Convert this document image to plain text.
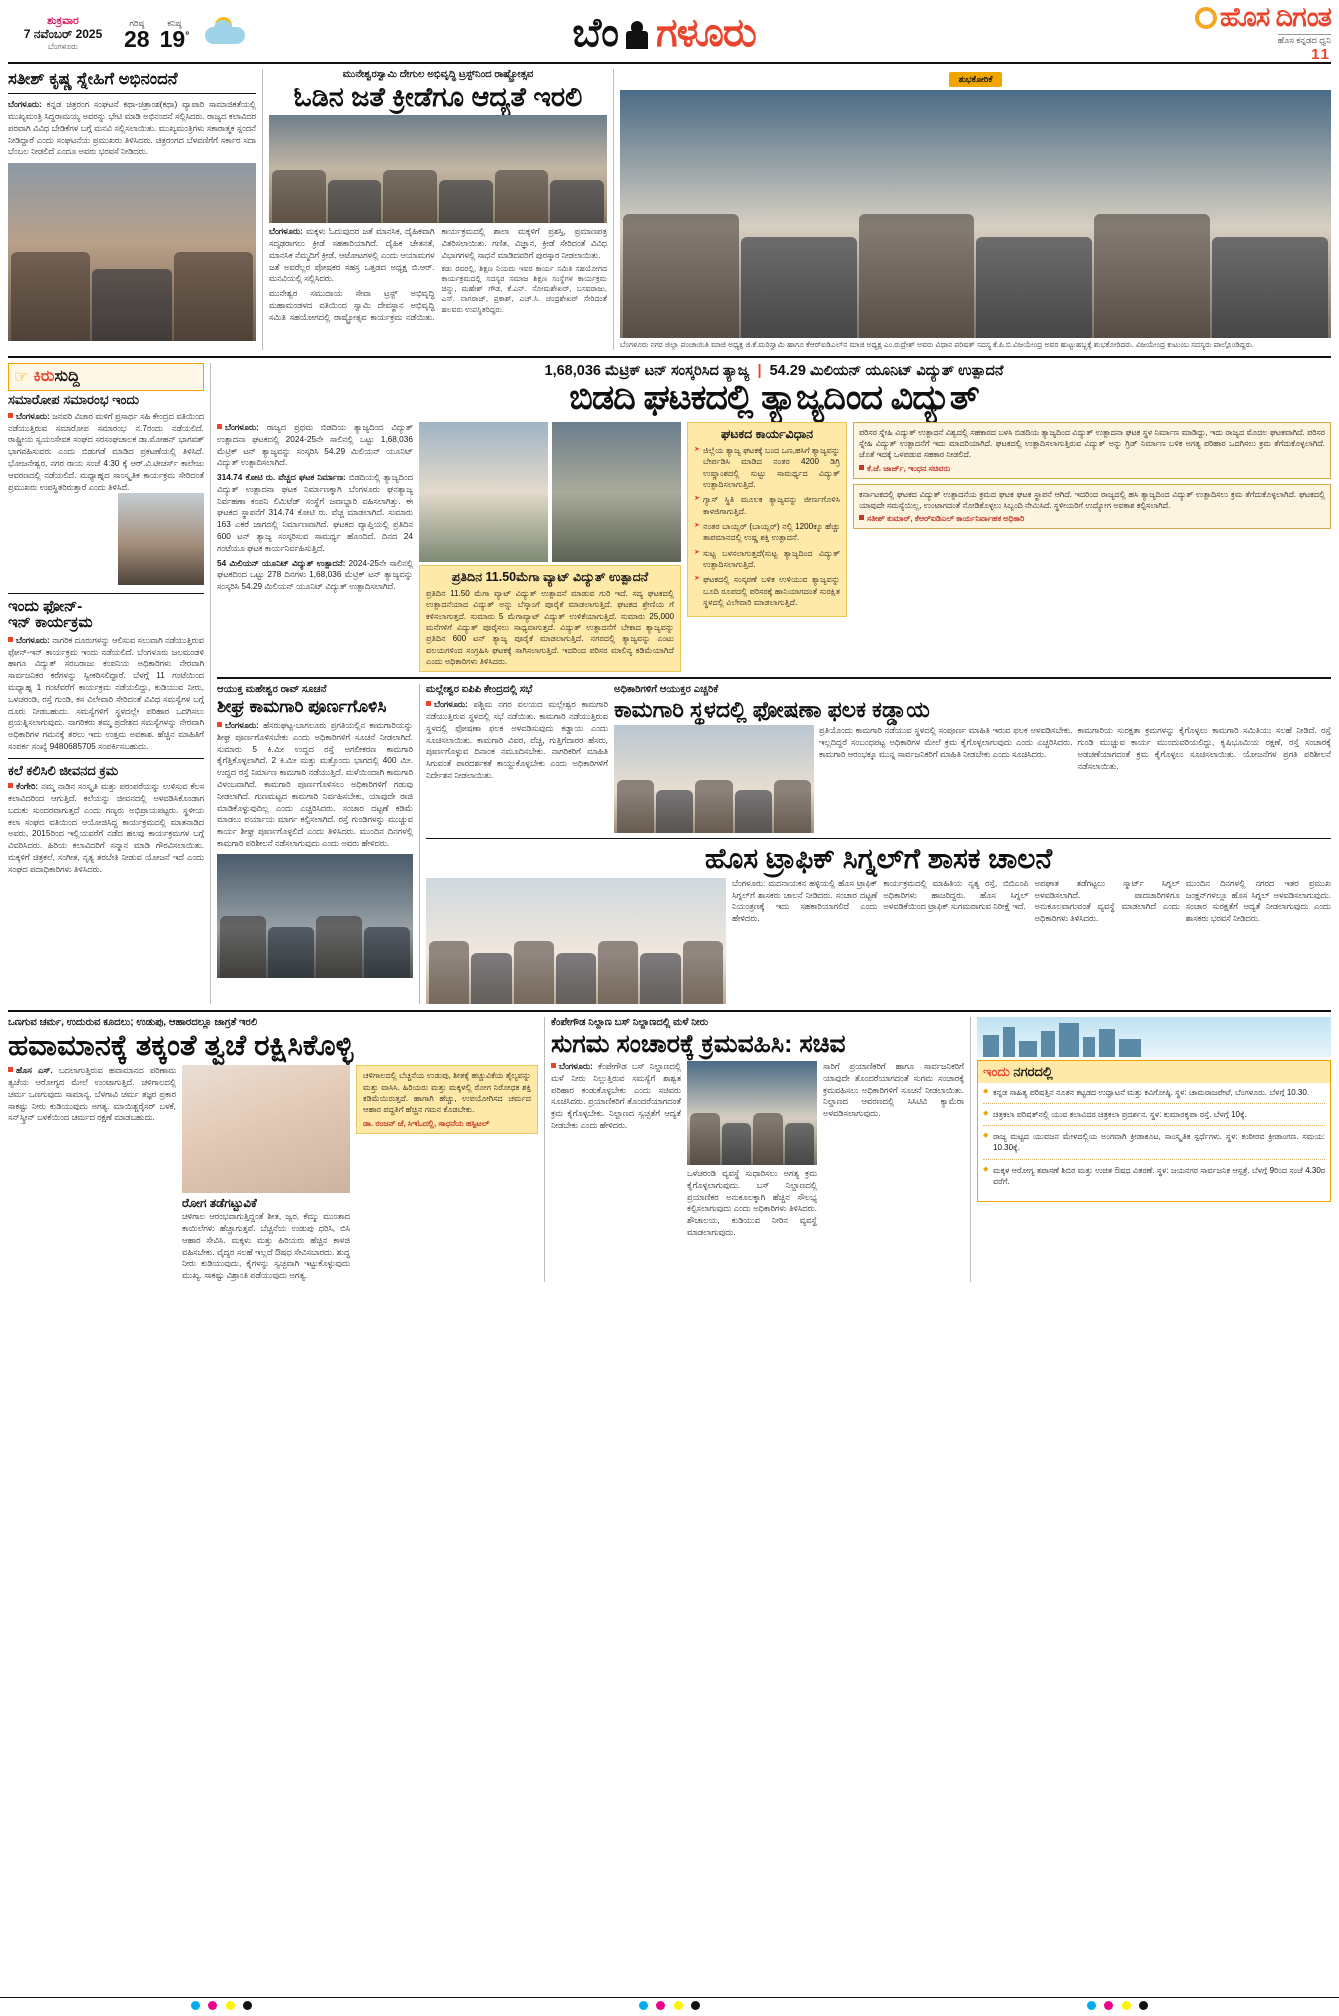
ಶುಕ್ರವಾರ
7 ನವೆಂಬರ್ 2025
ಬೆಂಗಳೂರು
ಗರಿಷ್ಠ
28
ಕನಿಷ್ಠ
19°	ಬೆಂ ಗಳೂರು	ಹೊಸ ದಿಗಂತ
ಹೊಸ ಕನ್ನಡದ ಧ್ವನಿ
11
ಸತೀಶ್ ಕೃಷ್ಣ ಸ್ನೇಹಿಗೆ ಅಭಿನಂದನೆ
ಬೆಂಗಳೂರು: ಕನ್ನಡ ಚಿತ್ರರಂಗ ಸಂಘಟನೆ ಕಥಾ-ಚಿತ್ರಾಂಶ(ಕಥಾ) ವ್ಯಾಪಾರಿ ಸಾಮಾಜಿಕತೆಯಲ್ಲಿ ಮುಖ್ಯಮಂತ್ರಿ ಸಿದ್ದರಾಮಯ್ಯ ಅವರನ್ನು ಭೇಟಿ ಮಾಡಿ ಅಭಿನಂದನೆ ಸಲ್ಲಿಸಿದರು. ರಾಜ್ಯದ ಕಲಾವಿದರ ಪರವಾಗಿ ವಿವಿಧ ಬೇಡಿಕೆಗಳ ಬಗ್ಗೆ ಮನವಿ ಸಲ್ಲಿಸಲಾಯಿತು. ಮುಖ್ಯಮಂತ್ರಿಗಳು ಸಕಾರಾತ್ಮಕ ಸ್ಪಂದನೆ ನೀಡಿದ್ದಾರೆ ಎಂದು ಸಂಘಟನೆಯ ಪ್ರಮುಖರು ತಿಳಿಸಿದರು. ಚಿತ್ರರಂಗದ ಬೆಳವಣಿಗೆಗೆ ಸರ್ಕಾರ ಸದಾ ಬೆಂಬಲ ನೀಡಲಿದೆ ಎಂದೂ ಅವರು ಭರವಸೆ ನೀಡಿದರು.
ಮುನೇಶ್ವರಸ್ವಾಮಿ ದೇಗುಲ ಅಭಿವೃದ್ಧಿ ಟ್ರಸ್ಟ್‌ನಿಂದ ರಾಷ್ಟ್ರೋತ್ಸವ
ಓಡಿನ ಜತೆ ಕ್ರೀಡೆಗೂ ಆದ್ಯತೆ ಇರಲಿ
ಬೆಂಗಳೂರು: ಮಕ್ಕಳು ಓದುವುದರ ಜತೆ ಮಾನಸಿಕ, ದೈಹಿಕವಾಗಿ ಸದೃಢರಾಗಲು ಕ್ರೀಡೆ ಸಹಕಾರಿಯಾಗಿದೆ. ದೈಹಿಕ ಚೇತನತೆ, ಮಾನಸಿಕ ನೆಮ್ಮದಿಗೆ ಕ್ರೀಡೆ, ಆಟೋಟಗಳಲ್ಲಿ ಎಂದು ಆಯಾಮಗಳ ಜತೆ ಅವರೆಲ್ಲರ ಪೋಷಕರ ಸಹಸ್ರ ಒತ್ತಡದ ಅಧ್ಯಕ್ಷ ಬಿ.ಆರ್. ಮನವಿಯಲ್ಲಿ ಸಲ್ಲಿಸಿದರು.
ಮುನೇಶ್ವರ ಸಮುದಾಯ ಸೇವಾ ಟ್ರಸ್ಟ್ ಅಭಿವೃದ್ಧಿ ಮಹಾಮಂಡಳದ ವತಿಯಿಂದ ಸ್ವಾಮಿ ದೇವಸ್ಥಾನ ಅಭಿವೃದ್ಧಿ ಸಮಿತಿ ಸಹಯೋಗದಲ್ಲಿ ರಾಷ್ಟ್ರೋತ್ಸವ ಕಾರ್ಯಕ್ರಮ ನಡೆಯಿತು. ಕಾರ್ಯಕ್ರಮದಲ್ಲಿ ಶಾಲಾ ಮಕ್ಕಳಿಗೆ ಪ್ರಶಸ್ತಿ, ಪ್ರಮಾಣಪತ್ರ ವಿತರಿಸಲಾಯಿತು. ಗಣಿತ, ವಿಜ್ಞಾನ, ಕ್ರೀಡೆ ಸೇರಿದಂತೆ ವಿವಿಧ ವಿಭಾಗಗಳಲ್ಲಿ ಸಾಧನೆ ಮಾಡಿದವರಿಗೆ ಪುರಸ್ಕಾರ ನೀಡಲಾಯಿತು.
ಕಡು ರವರಲ್ಲಿ, ಶಿಕ್ಷಣ ನಿಯಮ ಇವರ ಕಾರ್ಯ ಸಮಿತಿ ಸಹಯೋಗದ ಕಾರ್ಯಕ್ರಮದಲ್ಲಿ ಸದಸ್ಯರ ಸಮಾಜ ಶಿಕ್ಷಣ ಸಂಸ್ಥೆಗಳ ಕಾರ್ಯಕ್ರಮ ಚಿನ್ನು, ಮಹೇಶ್ ಗೌಡ, ಕೆ.ಎನ್. ಸೋಮಶೇಖರ್, ಬಸವರಾಜು, ಎಸ್. ನಾಗರಾಜ್, ಪ್ರಕಾಶ್, ಎಚ್.ಸಿ. ಚಂದ್ರಶೇಖರ್ ಸೇರಿದಂತೆ ಹಲವರು ಉಪಸ್ಥಿತರಿದ್ದರು.
ಶುಭಕೋರಿಕೆ
ಬೆಂಗಳೂರು ನಗರ ಜಿಲ್ಲಾ ಪಂಚಾಯಿತಿ ಮಾಜಿ ಅಧ್ಯಕ್ಷ ಜಿ.ಕೆ.ಮರಿಸ್ವಾಮಿ ಹಾಗೂ ಕೆಆರ್‌ಐಡಿಎಲ್‌ನ ಮಾಜಿ ಅಧ್ಯಕ್ಷ ಎಂ.ರುದ್ರೇಶ್ ಅವರು ವಿಧಾನ ಪರಿಷತ್ ಸದಸ್ಯ ಕೆ.ಪಿ.ಬಿ.ವಿಜಯೇಂದ್ರ ಅವರ ಹುಟ್ಟುಹಬ್ಬಕ್ಕೆ ಶುಭಕೋರಿದರು. ವಿಜಯೇಂದ್ರ ಕುಟುಂಬ ಸದಸ್ಯರು ಪಾಲ್ಗೊಂಡಿದ್ದರು.
☞ ಕಿರುಸುದ್ದಿ
ಸಮಾರೋಪ ಸಮಾರಂಭ ಇಂದು
ಬೆಂಗಳೂರು: ಜನವರಿ ವಿಚಾರ ಮಳಿಗೆ ಪ್ರಸಾರ್ಥ ಸಹಿ ಕೇಂದ್ರದ ವತಿಯಿಂದ ನಡೆಯುತ್ತಿರುವ ಸಮಾರೋಪ ಸಮಾರಂಭ ನ.7ರಂದು ನಡೆಯಲಿದೆ. ರಾಷ್ಟ್ರೀಯ ಸ್ವಯಂಸೇವಕ ಸಂಘದ ಸರಸಂಘಚಾಲಕ ಡಾ.ಮೋಹನ್ ಭಾಗವತ್ ಭಾಗವಹಿಸುವರು ಎಂದು ಬಿಡುಗಡೆ ಮಾಡಿದ ಪ್ರಕಟಣೆಯಲ್ಲಿ ತಿಳಿಸಿದೆ. ಭೋಜನೇಶ್ವರ, ನಗರ ರಾಯ ಸಂಜೆ 4:30 ಕ್ಕೆ ಆರ್.ವಿ.ಟೀಚರ್ಸ್ ಕಾಲೇಜು ಆವರಣದಲ್ಲಿ ನಡೆಯಲಿದೆ. ಮಧ್ಯಾಹ್ನದ ಸಾಂಸ್ಕೃತಿಕ ಕಾರ್ಯಕ್ರಮ ಸೇರಿದಂತೆ ಪ್ರಮುಖರು ಉಪಸ್ಥಿತರಿರುತ್ತಾರೆ ಎಂದು ತಿಳಿಸಿದೆ.
ಇಂದು ಫೋನ್-
ಇನ್ ಕಾರ್ಯಕ್ರಮ
ಬೆಂಗಳೂರು: ನಾಗರಿಕ ದೂರುಗಳನ್ನು ಆಲಿಸುವ ಸಲುವಾಗಿ ನಡೆಯುತ್ತಿರುವ ಫೋನ್-ಇನ್ ಕಾರ್ಯಕ್ರಮ ಇಂದು ನಡೆಯಲಿದೆ. ಬೆಂಗಳೂರು ಜಲಮಂಡಳಿ ಹಾಗೂ ವಿದ್ಯುತ್ ಸರಬರಾಜು ಕಂಪನಿಯ ಅಧಿಕಾರಿಗಳು ನೇರವಾಗಿ ಸಾರ್ವಜನಿಕರ ಕರೆಗಳನ್ನು ಸ್ವೀಕರಿಸಲಿದ್ದಾರೆ. ಬೆಳಗ್ಗೆ 11 ಗಂಟೆಯಿಂದ ಮಧ್ಯಾಹ್ನ 1 ಗಂಟೆವರೆಗೆ ಕಾರ್ಯಕ್ರಮ ನಡೆಯಲಿದ್ದು, ಕುಡಿಯುವ ನೀರು, ಒಳಚರಂಡಿ, ರಸ್ತೆ ಗುಂಡಿ, ಕಸ ವಿಲೇವಾರಿ ಸೇರಿದಂತೆ ವಿವಿಧ ಸಮಸ್ಯೆಗಳ ಬಗ್ಗೆ ದೂರು ನೀಡಬಹುದು. ಸಮಸ್ಯೆಗಳಿಗೆ ಸ್ಥಳದಲ್ಲೇ ಪರಿಹಾರ ಒದಗಿಸಲು ಪ್ರಯತ್ನಿಸಲಾಗುವುದು. ನಾಗರಿಕರು ತಮ್ಮ ಪ್ರದೇಶದ ಸಮಸ್ಯೆಗಳನ್ನು ನೇರವಾಗಿ ಅಧಿಕಾರಿಗಳ ಗಮನಕ್ಕೆ ತರಲು ಇದು ಉತ್ತಮ ಅವಕಾಶ. ಹೆಚ್ಚಿನ ಮಾಹಿತಿಗೆ ಸಂಪರ್ಕ ಸಂಖ್ಯೆ 9480685705 ಸಂಪರ್ಕಿಸಬಹುದು.
ಕಲೆ ಕಲಿಸಿಲಿ ಜೀವನದ ಕ್ರಮ
ಕೆಂಗೇರಿ: ನಮ್ಮ ನಾಡಿನ ಸಂಸ್ಕೃತಿ ಮತ್ತು ಪರಂಪರೆಯನ್ನು ಉಳಿಸುವ ಕೆಲಸ ಕಲಾವಿದರಿಂದ ಆಗುತ್ತಿದೆ. ಕಲೆಯನ್ನು ಜೀವನದಲ್ಲಿ ಅಳವಡಿಸಿಕೊಂಡಾಗ ಬದುಕು ಸುಂದರವಾಗುತ್ತದೆ ಎಂದು ಗಣ್ಯರು ಅಭಿಪ್ರಾಯಪಟ್ಟರು. ಸ್ಥಳೀಯ ಕಲಾ ಸಂಘದ ವತಿಯಿಂದ ಆಯೋಜಿಸಿದ್ದ ಕಾರ್ಯಕ್ರಮದಲ್ಲಿ ಮಾತನಾಡಿದ ಅವರು, 2015ರಿಂದ ಇಲ್ಲಿಯವರೆಗೆ ನಡೆದ ಹಲವು ಕಾರ್ಯಕ್ರಮಗಳ ಬಗ್ಗೆ ವಿವರಿಸಿದರು. ಹಿರಿಯ ಕಲಾವಿದರಿಗೆ ಸನ್ಮಾನ ಮಾಡಿ ಗೌರವಿಸಲಾಯಿತು. ಮಕ್ಕಳಿಗೆ ಚಿತ್ರಕಲೆ, ಸಂಗೀತ, ನೃತ್ಯ ತರಬೇತಿ ನೀಡುವ ಯೋಜನೆ ಇದೆ ಎಂದು ಸಂಘದ ಪದಾಧಿಕಾರಿಗಳು ತಿಳಿಸಿದರು.
1,68,036 ಮೆಟ್ರಿಕ್ ಟನ್ ಸಂಸ್ಕರಿಸಿದ ತ್ಯಾಜ್ಯ | 54.29 ಮಿಲಿಯನ್ ಯೂನಿಟ್ ವಿದ್ಯುತ್ ಉತ್ಪಾದನೆ
ಬಿಡದಿ ಘಟಕದಲ್ಲಿ ತ್ಯಾಜ್ಯದಿಂದ ವಿದ್ಯುತ್
ಬೆಂಗಳೂರು: ರಾಜ್ಯದ ಪ್ರಥಮ ಬಿಡದಿಯ ತ್ಯಾಜ್ಯದಿಂದ ವಿದ್ಯುತ್ ಉತ್ಪಾದನಾ ಘಟಕದಲ್ಲಿ 2024-25ನೇ ಸಾಲಿನಲ್ಲಿ ಒಟ್ಟು 1,68,036 ಮೆಟ್ರಿಕ್ ಟನ್ ತ್ಯಾಜ್ಯವನ್ನು ಸಂಸ್ಕರಿಸಿ 54.29 ಮಿಲಿಯನ್ ಯೂನಿಟ್ ವಿದ್ಯುತ್ ಉತ್ಪಾದಿಸಲಾಗಿದೆ.
314.74 ಕೋಟಿ ರು. ವೆಚ್ಚದ ಘಟಕ ನಿರ್ಮಾಣ: ಬಿಡದಿಯಲ್ಲಿ ತ್ಯಾಜ್ಯದಿಂದ ವಿದ್ಯುತ್ ಉತ್ಪಾದನಾ ಘಟಕ ನಿರ್ಮಾಣಕ್ಕಾಗಿ ಬೆಂಗಳೂರು ಘನತ್ಯಾಜ್ಯ ನಿರ್ವಹಣಾ ಕಂಪನಿ ಲಿಮಿಟೆಡ್ ಸಂಸ್ಥೆಗೆ ಜವಾಬ್ದಾರಿ ವಹಿಸಲಾಗಿತ್ತು. ಈ ಘಟಕದ ಸ್ಥಾಪನೆಗೆ 314.74 ಕೋಟಿ ರು. ವೆಚ್ಚ ಮಾಡಲಾಗಿದೆ. ಸುಮಾರು 163 ಎಕರೆ ಜಾಗದಲ್ಲಿ ನಿರ್ಮಾಣವಾಗಿದೆ. ಘಟಕದ ವ್ಯಾಪ್ತಿಯಲ್ಲಿ ಪ್ರತಿದಿನ 600 ಟನ್ ತ್ಯಾಜ್ಯ ಸಂಸ್ಕರಿಸುವ ಸಾಮರ್ಥ್ಯ ಹೊಂದಿದೆ. ದಿನದ 24 ಗಂಟೆಯೂ ಘಟಕ ಕಾರ್ಯನಿರ್ವಹಿಸುತ್ತಿದೆ.
54 ಮಿಲಿಯನ್ ಯೂನಿಟ್ ವಿದ್ಯುತ್ ಉತ್ಪಾದನೆ: 2024-25ನೇ ಸಾಲಿನಲ್ಲಿ ಘಟಕದಿಂದ ಒಟ್ಟು 278 ದಿನಗಳು 1,68,036 ಮೆಟ್ರಿಕ್ ಟನ್ ತ್ಯಾಜ್ಯವನ್ನು ಸಂಸ್ಕರಿಸಿ 54.29 ಮಿಲಿಯನ್ ಯೂನಿಟ್ ವಿದ್ಯುತ್ ಉತ್ಪಾದಿಸಲಾಗಿದೆ.
ಪ್ರತಿದಿನ 11.50ಮೆಗಾ ವ್ಯಾಟ್ ವಿದ್ಯುತ್ ಉತ್ಪಾದನೆ
ಪ್ರತಿದಿನ 11.50 ಮೆಗಾ ವ್ಯಾಟ್ ವಿದ್ಯುತ್ ಉತ್ಪಾದನೆ ಮಾಡುವ ಗುರಿ ಇದೆ. ಸದ್ಯ ಘಟಕದಲ್ಲಿ ಉತ್ಪಾದನೆಯಾದ ವಿದ್ಯುತ್ ಅನ್ನು ಬೆಸ್ಕಾಂಗೆ ಪೂರೈಕೆ ಮಾಡಲಾಗುತ್ತಿದೆ. ಘಟಕದ ಶ್ರೇಣಿಯ ಗೆ ಕಳಿಸಲಾಗುತ್ತದೆ. ಸುಮಾರು 5 ಮೆಗಾವ್ಯಾಟ್ ವಿದ್ಯುತ್ ಉಳಿಕೆಯಾಗುತ್ತಿದೆ. ಸುಮಾರು 25,000 ಮನೆಗಳಿಗೆ ವಿದ್ಯುತ್ ಪೂರೈಸಲು ಸಾಧ್ಯವಾಗುತ್ತದೆ. ವಿದ್ಯುತ್ ಉತ್ಪಾದನೆಗೆ ಬೇಕಾದ ತ್ಯಾಜ್ಯವನ್ನು ಪ್ರತಿದಿನ 600 ಟನ್ ತ್ಯಾಜ್ಯ ಪೂರೈಕೆ ಮಾಡಲಾಗುತ್ತಿದೆ. ನಗರದಲ್ಲಿ ತ್ಯಾಜ್ಯವನ್ನು ಎಂಟು ವಲಯಗಳಿಂದ ಸಂಗ್ರಹಿಸಿ ಘಟಕಕ್ಕೆ ಸಾಗಿಸಲಾಗುತ್ತಿದೆ. ಇದರಿಂದ ಪರಿಸರ ಮಾಲಿನ್ಯ ಕಡಿಮೆಯಾಗಿದೆ ಎಂದು ಅಧಿಕಾರಿಗಳು ತಿಳಿಸಿದರು.
ಘಟಕದ ಕಾರ್ಯವಿಧಾನ
➤ ಜಿಲ್ಲೆಯ ತ್ಯಾಜ್ಯ ಘಟಕಕ್ಕೆ ಬಂದ ಒಣ,ಹಸಿಗೆ ತ್ಯಾಜ್ಯವನ್ನು ಬೇರ್ಪಡಿಸಿ ಮಾಡಿದ ನಂತರ 4200 ಡಿಗ್ರಿ ಉಷ್ಣಾಂಶದಲ್ಲಿ ಸುಟ್ಟು ಸಾಮರ್ಥ್ಯದ ವಿದ್ಯುತ್ ಉತ್ಪಾದಿಸಲಾಗುತ್ತಿದೆ.
➤ ಗ್ಯಾಸ್ ಸ್ಥಿತಿ ಮೂಲಕ ತ್ಯಾಜ್ಯವನ್ನು ಜೀರ್ಣಗೊಳಿಸಿ ಕಾಳಜಿಗಾಗುತ್ತಿದೆ.
➤ ನಂತರ ಬಾಯ್ಲರ್ (ಬಾಯ್ಲರ್) ನಲ್ಲಿ 1200ಕ್ಕೂ ಹೆಚ್ಚು ತಾಪಮಾನದಲ್ಲಿ ಉಷ್ಣ ಶಕ್ತಿ ಉತ್ಪಾದನೆ.
➤ ಸುಟ್ಟ ಬಳಸಲಾಗುತ್ತದೆ(ಸುಟ್ಟ ತ್ಯಾಜ್ಯದಿಂದ ವಿದ್ಯುತ್ ಉತ್ಪಾದಿಸಲಾಗುತ್ತಿದೆ.
➤ ಘಟಕದಲ್ಲಿ ಸಂಸ್ಕರಣೆ ಬಳಿಕ ಉಳಿಯುವ ತ್ಯಾಜ್ಯವನ್ನು ಬೂದಿ ರೂಪದಲ್ಲಿ ಪರಿಸರಕ್ಕೆ ಹಾನಿಯಾಗದಂತೆ ಸುರಕ್ಷಿತ ಸ್ಥಳದಲ್ಲಿ ವಿಲೇವಾರಿ ಮಾಡಲಾಗುತ್ತಿದೆ.
ಪರಿಸರ ಸ್ನೇಹಿ ವಿದ್ಯುತ್ ಉತ್ಪಾದನೆ ವಿಶ್ವದಲ್ಲಿ ಸಹಕಾರದ ಬಳಸಿ ಬಿಡದಿಯ ತ್ಯಾಜ್ಯದಿಂದ ವಿದ್ಯುತ್ ಉತ್ಪಾದನಾ ಘಟಕ ಸ್ಥಳ ನಿರ್ಮಾಣ ಮಾಡಿದ್ದು, ಇದು ರಾಜ್ಯದ ಮೊದಲ ಘಟಕವಾಗಿದೆ. ಪರಿಸರ ಸ್ನೇಹಿ ವಿದ್ಯುತ್ ಉತ್ಪಾದನೆಗೆ ಇದು ಮಾದರಿಯಾಗಿದೆ. ಘಟಕದಲ್ಲಿ ಉತ್ಪಾದಿಸಲಾಗುತ್ತಿರುವ ವಿದ್ಯುತ್ ಅನ್ನು ಗ್ರಿಡ್ ನಿರ್ಮಾಣ ಬಳಿಕ ಅಗತ್ಯ ಪರಿಹಾರ ಒದಗಿಸಲು ಕ್ರಮ ತೆಗೆದುಕೊಳ್ಳಲಾಗಿದೆ. ಜೊತೆ ಇದಕ್ಕೆ ಒಳಪಡುವ ಸಹಕಾರ ನೀಡಲಿದೆ.
ಕೆ.ಜೆ. ಜಾರ್ಜ್, ಇಂಧನ ಸಚಿವರು
ಕರ್ನಾಟಕದಲ್ಲಿ ಘಟಕದ ವಿದ್ಯುತ್ ಉತ್ಪಾದನೆಯ ಕ್ರಮದ ಘಟಕ ಘಟಕ ಸ್ಥಾಪನೆ ಆಗಿದೆ. ಇದರಿಂದ ರಾಜ್ಯದಲ್ಲಿ ಹಸಿ ತ್ಯಾಜ್ಯದಿಂದ ವಿದ್ಯುತ್ ಉತ್ಪಾದಿಸಲು ಕ್ರಮ ತೆಗೆದುಕೊಳ್ಳಲಾಗಿದೆ. ಘಟಕದಲ್ಲಿ ಯಾವುದೇ ಸಮಸ್ಯೆಯಿಲ್ಲ, ಉಂಟಾಗದಂತೆ ನೋಡಿಕೊಳ್ಳಲು ಸಿಬ್ಬಂದಿ ನೇಮಿಸಿದೆ. ಸ್ಥಳೀಯರಿಗೆ ಉದ್ಯೋಗ ಅವಕಾಶ ಕಲ್ಪಿಸಲಾಗಿದೆ.
ಸತೀಶ್ ಕುಮಾರ್, ಕೆಆರ್‌ಐಡಿಎಲ್ ಕಾರ್ಯನಿರ್ವಾಹಕ ಅಧಿಕಾರಿ
ಆಯುಕ್ತ ಮಹೇಶ್ವರ ರಾವ್ ಸೂಚನೆ
ಶೀಘ್ರ ಕಾಮಗಾರಿ ಪೂರ್ಣಗೊಳಿಸಿ
ಬೆಂಗಳೂರು: ಹೆಸರುಘಟ್ಟ-ಬಾಗಲೂರು ಪ್ರಗತಿಯಲ್ಲಿನ ಕಾಮಗಾರಿಯನ್ನು ಶೀಘ್ರ ಪೂರ್ಣಗೊಳಿಸಬೇಕು ಎಂದು ಅಧಿಕಾರಿಗಳಿಗೆ ಸೂಚನೆ ನೀಡಲಾಗಿದೆ. ಸುಮಾರು 5 ಕಿ.ಮೀ ಉದ್ದದ ರಸ್ತೆ ಅಗಲೀಕರಣ ಕಾಮಗಾರಿ ಕೈಗೆತ್ತಿಕೊಳ್ಳಲಾಗಿದೆ. 2 ಕಿ.ಮೀ ಮತ್ತು ಮತ್ತೊಂದು ಭಾಗದಲ್ಲಿ 400 ಮೀ. ಉದ್ದದ ರಸ್ತೆ ನಿರ್ಮಾಣ ಕಾಮಗಾರಿ ನಡೆಯುತ್ತಿದೆ. ಮಳೆಯಿಂದಾಗಿ ಕಾಮಗಾರಿ ವಿಳಂಬವಾಗಿದೆ. ಕಾಮಗಾರಿ ಪೂರ್ಣಗೊಳಿಸಲು ಅಧಿಕಾರಿಗಳಿಗೆ ಗಡುವು ನೀಡಲಾಗಿದೆ. ಗುಣಮಟ್ಟದ ಕಾಮಗಾರಿ ನಿರ್ವಹಿಸಬೇಕು, ಯಾವುದೇ ರಾಜಿ ಮಾಡಿಕೊಳ್ಳುವುದಿಲ್ಲ ಎಂದು ಎಚ್ಚರಿಸಿದರು. ಸಂಚಾರ ದಟ್ಟಣೆ ಕಡಿಮೆ ಮಾಡಲು ಪರ್ಯಾಯ ಮಾರ್ಗ ಕಲ್ಪಿಸಲಾಗಿದೆ. ರಸ್ತೆ ಗುಂಡಿಗಳನ್ನು ಮುಚ್ಚುವ ಕಾರ್ಯ ಶೀಘ್ರ ಪೂರ್ಣಗೊಳ್ಳಲಿದೆ ಎಂದು ತಿಳಿಸಿದರು. ಮುಂದಿನ ದಿನಗಳಲ್ಲಿ ಕಾಮಗಾರಿ ಪರಿಶೀಲನೆ ನಡೆಸಲಾಗುವುದು ಎಂದು ಅವರು ಹೇಳಿದರು.
ಮಲ್ಲೇಶ್ವರ ಐಪಿಪಿ ಕೇಂದ್ರದಲ್ಲಿ ಸಭೆ
ಬೆಂಗಳೂರು: ಪಶ್ಚಿಮ ನಗರ ವಲಯದ ಮಲ್ಲೇಶ್ವರ ಕಾಮಗಾರಿ ನಡೆಯುತ್ತಿರುವ ಸ್ಥಳದಲ್ಲಿ ಸಭೆ ನಡೆಯಿತು. ಕಾಮಗಾರಿ ನಡೆಯುತ್ತಿರುವ ಸ್ಥಳದಲ್ಲಿ ಫೋಷಣಾ ಫಲಕ ಅಳವಡಿಸುವುದು ಕಡ್ಡಾಯ ಎಂದು ಸೂಚಿಸಲಾಯಿತು. ಕಾಮಗಾರಿ ವಿವರ, ವೆಚ್ಚ, ಗುತ್ತಿಗೆದಾರರ ಹೆಸರು, ಪೂರ್ಣಗೊಳ್ಳುವ ದಿನಾಂಕ ನಮೂದಿಸಬೇಕು. ನಾಗರಿಕರಿಗೆ ಮಾಹಿತಿ ಸಿಗುವಂತೆ ಪಾರದರ್ಶಕತೆ ಕಾಯ್ದುಕೊಳ್ಳಬೇಕು ಎಂದು ಅಧಿಕಾರಿಗಳಿಗೆ ನಿರ್ದೇಶನ ನೀಡಲಾಯಿತು.
ಅಧಿಕಾರಿಗಳಿಗೆ ಆಯುಕ್ತರ ಎಚ್ಚರಿಕೆ
ಕಾಮಗಾರಿ ಸ್ಥಳದಲ್ಲಿ ಫೋಷಣಾ ಫಲಕ ಕಡ್ಡಾಯ
ಪ್ರತಿಯೊಂದು ಕಾಮಗಾರಿ ನಡೆಯುವ ಸ್ಥಳದಲ್ಲಿ ಸಂಪೂರ್ಣ ಮಾಹಿತಿ ಇರುವ ಫಲಕ ಅಳವಡಿಸಬೇಕು. ಇಲ್ಲದಿದ್ದರೆ ಸಂಬಂಧಪಟ್ಟ ಅಧಿಕಾರಿಗಳ ಮೇಲೆ ಕ್ರಮ ಕೈಗೊಳ್ಳಲಾಗುವುದು ಎಂದು ಎಚ್ಚರಿಸಿದರು. ಕಾಮಗಾರಿ ಆರಂಭಕ್ಕೂ ಮುನ್ನ ಸಾರ್ವಜನಿಕರಿಗೆ ಮಾಹಿತಿ ನೀಡಬೇಕು ಎಂದು ಸೂಚಿಸಿದರು.
ಕಾಮಗಾರಿಯ ಸುರಕ್ಷತಾ ಕ್ರಮಗಳನ್ನು ಕೈಗೊಳ್ಳಲು ಕಾಮಗಾರಿ ಸಮಿತಿಯು ಸಲಹೆ ನೀಡಿದೆ. ರಸ್ತೆ ಗುಂಡಿ ಮುಚ್ಚುವ ಕಾರ್ಯ ಮುಂದುವರಿಯಲಿದ್ದು, ಕೃಷಿಭೂಮಿಯ ರಕ್ಷಣೆ, ರಸ್ತೆ ಸಂಚಾರಕ್ಕೆ ಅಡಚಣೆಯಾಗದಂತೆ ಕ್ರಮ ಕೈಗೊಳ್ಳಲು ಸೂಚಿಸಲಾಯಿತು. ಯೋಜನೆಗಳ ಪ್ರಗತಿ ಪರಿಶೀಲನೆ ನಡೆಸಲಾಯಿತು.
ಹೊಸ ಟ್ರಾಫಿಕ್ ಸಿಗ್ನಲ್‌ಗೆ ಶಾಸಕ ಚಾಲನೆ
ಬೆಂಗಳೂರು: ಮದನಾಯಕನ ಹಳ್ಳಿಯಲ್ಲಿ ಹೊಸ ಟ್ರಾಫಿಕ್ ಸಿಗ್ನಲ್‌ಗೆ ಶಾಸಕರು ಚಾಲನೆ ನೀಡಿದರು. ಸಂಚಾರ ದಟ್ಟಣೆ ನಿಯಂತ್ರಣಕ್ಕೆ ಇದು ಸಹಕಾರಿಯಾಗಲಿದೆ ಎಂದು ಹೇಳಿದರು.
ಕಾರ್ಯಕ್ರಮದಲ್ಲಿ ಮಾಹಿತಿಯ ನೃತ್ಯ ರಸ್ತೆ, ಬಿಬಿಎಂಪಿ ಅಧಿಕಾರಿಗಳು ಹಾಜರಿದ್ದರು. ಹೊಸ ಸಿಗ್ನಲ್ ಅಳವಡಿಕೆಯಿಂದ ಟ್ರಾಫಿಕ್ ಸುಗಮವಾಗುವ ನಿರೀಕ್ಷೆ ಇದೆ.
ಅಪಘಾತ ತಡೆಗಟ್ಟಲು ಸ್ಮಾರ್ಟ್ ಸಿಗ್ನಲ್ ಅಳವಡಿಸಲಾಗಿದೆ. ಪಾದಚಾರಿಗಳಿಗೂ ಅನುಕೂಲವಾಗುವಂತೆ ವ್ಯವಸ್ಥೆ ಮಾಡಲಾಗಿದೆ ಎಂದು ಅಧಿಕಾರಿಗಳು ತಿಳಿಸಿದರು.
ಮುಂದಿನ ದಿನಗಳಲ್ಲಿ ನಗರದ ಇತರ ಪ್ರಮುಖ ಜಂಕ್ಷನ್‌ಗಳಲ್ಲೂ ಹೊಸ ಸಿಗ್ನಲ್ ಅಳವಡಿಸಲಾಗುವುದು. ಸಂಚಾರ ಸುರಕ್ಷತೆಗೆ ಆದ್ಯತೆ ನೀಡಲಾಗುವುದು ಎಂದು ಶಾಸಕರು ಭರವಸೆ ನೀಡಿದರು.
ಒಣಗುವ ಚರ್ಮ, ಉದುರುವ ಕೂದಲು; ಉಡುಪು, ಆಹಾರದಲ್ಲೂ ಜಾಗ್ರತೆ ಇರಲಿ
ಹವಾಮಾನಕ್ಕೆ ತಕ್ಕಂತೆ ತ್ವಚೆ ರಕ್ಷಿಸಿಕೊಳ್ಳಿ
ಹೊಸ ಎಸ್. ಬದಲಾಗುತ್ತಿರುವ ಹವಾಮಾನದ ಪರಿಣಾಮ ತ್ವಚೆಯ ಆರೋಗ್ಯದ ಮೇಲೆ ಉಂಟಾಗುತ್ತಿದೆ. ಚಳಿಗಾಲದಲ್ಲಿ ಚರ್ಮ ಒಣಗುವುದು ಸಾಮಾನ್ಯ. ಬೆಳಗಾವಿ ಚರ್ಮ ತಜ್ಞರ ಪ್ರಕಾರ ಸಾಕಷ್ಟು ನೀರು ಕುಡಿಯುವುದು ಅಗತ್ಯ. ಮಾಯಿಶ್ಚರೈಸರ್ ಬಳಕೆ, ಸನ್‌ಸ್ಕ್ರೀನ್ ಬಳಕೆಯಿಂದ ಚರ್ಮದ ರಕ್ಷಣೆ ಮಾಡಬಹುದು.
ರೋಗ ತಡೆಗಟ್ಟುವಿಕೆ
ಚಳಿಗಾಲ ಆರಂಭವಾಗುತ್ತಿದ್ದಂತೆ ಶೀತ, ಜ್ವರ, ಕೆಮ್ಮು ಮುಂತಾದ ಕಾಯಿಲೆಗಳು ಹೆಚ್ಚಾಗುತ್ತವೆ. ಬೆಚ್ಚನೆಯ ಉಡುಪು ಧರಿಸಿ, ಬಿಸಿ ಆಹಾರ ಸೇವಿಸಿ. ಮಕ್ಕಳು ಮತ್ತು ಹಿರಿಯರು ಹೆಚ್ಚಿನ ಕಾಳಜಿ ವಹಿಸಬೇಕು. ವೈದ್ಯರ ಸಲಹೆ ಇಲ್ಲದೆ ಔಷಧ ಸೇವಿಸಬಾರದು. ಶುದ್ಧ ನೀರು ಕುಡಿಯುವುದು, ಕೈಗಳನ್ನು ಸ್ವಚ್ಛವಾಗಿ ಇಟ್ಟುಕೊಳ್ಳುವುದು ಮುಖ್ಯ. ಸಾಕಷ್ಟು ವಿಶ್ರಾಂತಿ ಪಡೆಯುವುದು ಅಗತ್ಯ.
ಚಳಿಗಾಲದಲ್ಲಿ ಬೆಚ್ಚನೆಯ ಉಡುಪು, ಶೀತಕ್ಕೆ ಹಚ್ಚುವಿಕೆಯ ತೈಲ್ಯವನ್ನು ಮತ್ತು ವಾಸಿಸಿ. ಹಿರಿಯರು ಮತ್ತು ಮಕ್ಕಳಲ್ಲಿ ರೋಗ ನಿರೋಧಕ ಶಕ್ತಿ ಕಡಿಮೆಯಿರುತ್ತದೆ. ಹಾಗಾಗಿ ಹೆಚ್ಚು, ಉಪಯೋಗಿಸದ ಚರ್ಮದ ಆಹಾರ ಪದ್ಧತಿಗೆ ಹೆಚ್ಚಿನ ಗಮನ ಕೊಡಬೇಕು.
ಡಾ. ರಂಜನ್ ಜೆ, ಸಿಇಓದಲ್ಲಿ, ಸಾಧನೆಯ ಹಸ್ಪಿಟಲ್
ಕೆಂಪೇಗೌಡ ನಿಲ್ದಾಣ ಬಸ್ ನಿಲ್ದಾಣದಲ್ಲಿ ಮಳೆ ನೀರು
ಸುಗಮ ಸಂಚಾರಕ್ಕೆ ಕ್ರಮವಹಿಸಿ: ಸಚಿವ
ಬೆಂಗಳೂರು: ಕೆಂಪೇಗೌಡ ಬಸ್ ನಿಲ್ದಾಣದಲ್ಲಿ ಮಳೆ ನೀರು ನಿಲ್ಲುತ್ತಿರುವ ಸಮಸ್ಯೆಗೆ ಶಾಶ್ವತ ಪರಿಹಾರ ಕಂಡುಕೊಳ್ಳಬೇಕು ಎಂದು ಸಚಿವರು ಸೂಚಿಸಿದರು. ಪ್ರಯಾಣಿಕರಿಗೆ ತೊಂದರೆಯಾಗದಂತೆ ಕ್ರಮ ಕೈಗೊಳ್ಳಬೇಕು. ನಿಲ್ದಾಣದ ಸ್ವಚ್ಛತೆಗೆ ಆದ್ಯತೆ ನೀಡಬೇಕು ಎಂದು ಹೇಳಿದರು.
ಒಳಚರಂಡಿ ವ್ಯವಸ್ಥೆ ಸುಧಾರಿಸಲು ಅಗತ್ಯ ಕ್ರಮ ಕೈಗೊಳ್ಳಲಾಗುವುದು. ಬಸ್ ನಿಲ್ದಾಣದಲ್ಲಿ ಪ್ರಯಾಣಿಕರ ಅನುಕೂಲಕ್ಕಾಗಿ ಹೆಚ್ಚಿನ ಸೌಲಭ್ಯ ಕಲ್ಪಿಸಲಾಗುವುದು ಎಂದು ಅಧಿಕಾರಿಗಳು ತಿಳಿಸಿದರು. ಶೌಚಾಲಯ, ಕುಡಿಯುವ ನೀರಿನ ವ್ಯವಸ್ಥೆ ಮಾಡಲಾಗುವುದು.
ಸಾರಿಗೆ ಪ್ರಯಾಣಿಕರಿಗೆ ಹಾಗೂ ಸಾರ್ವಜನಿಕರಿಗೆ ಯಾವುದೇ ತೊಂದರೆಯಾಗದಂತೆ ಸುಗಮ ಸಂಚಾರಕ್ಕೆ ಕ್ರಮವಹಿಸಲು ಅಧಿಕಾರಿಗಳಿಗೆ ಸೂಚನೆ ನೀಡಲಾಯಿತು. ನಿಲ್ದಾಣದ ಆವರಣದಲ್ಲಿ ಸಿಸಿಟಿವಿ ಕ್ಯಾಮೆರಾ ಅಳವಡಿಸಲಾಗುವುದು.
ಇಂದು ನಗರದಲ್ಲಿ
◆ ಕನ್ನಡ ಸಾಹಿತ್ಯ ಪರಿಷತ್ತಿನ ನೂತನ ಕಟ್ಟಡದ ಉದ್ಘಾಟನೆ ಮತ್ತು ಕವಿಗೋಷ್ಠಿ. ಸ್ಥಳ: ಚಾಮರಾಜಪೇಟೆ, ಬೆಂಗಳೂರು. ಬೆಳಗ್ಗೆ 10.30.
◆ ಚಿತ್ರಕಲಾ ಪರಿಷತ್‌ನಲ್ಲಿ ಯುವ ಕಲಾವಿದರ ಚಿತ್ರಕಲಾ ಪ್ರದರ್ಶನ. ಸ್ಥಳ: ಕುಮಾರಕೃಪಾ ರಸ್ತೆ. ಬೆಳಗ್ಗೆ 10ಕ್ಕೆ.
◆ ರಾಜ್ಯ ಮಟ್ಟದ ಯುವಜನ ಮೇಳದಲ್ಲಿಯ ಅಂಗವಾಗಿ ಕ್ರೀಡಾಕೂಟ, ಸಾಂಸ್ಕೃತಿಕ ಸ್ಪರ್ಧೆಗಳು. ಸ್ಥಳ: ಕಂಠೀರವ ಕ್ರೀಡಾಂಗಣ. ಸಮಯ: 10.30ಕ್ಕೆ.
◆ ಮಕ್ಕಳ ಆರೋಗ್ಯ ತಪಾಸಣೆ ಶಿಬಿರ ಮತ್ತು ಉಚಿತ ಔಷಧ ವಿತರಣೆ. ಸ್ಥಳ: ಜಯನಗರ ಸಾರ್ವಜನಿಕ ಆಸ್ಪತ್ರೆ. ಬೆಳಗ್ಗೆ 9ರಿಂದ ಸಂಜೆ 4.30ರ ವರೆಗೆ.
